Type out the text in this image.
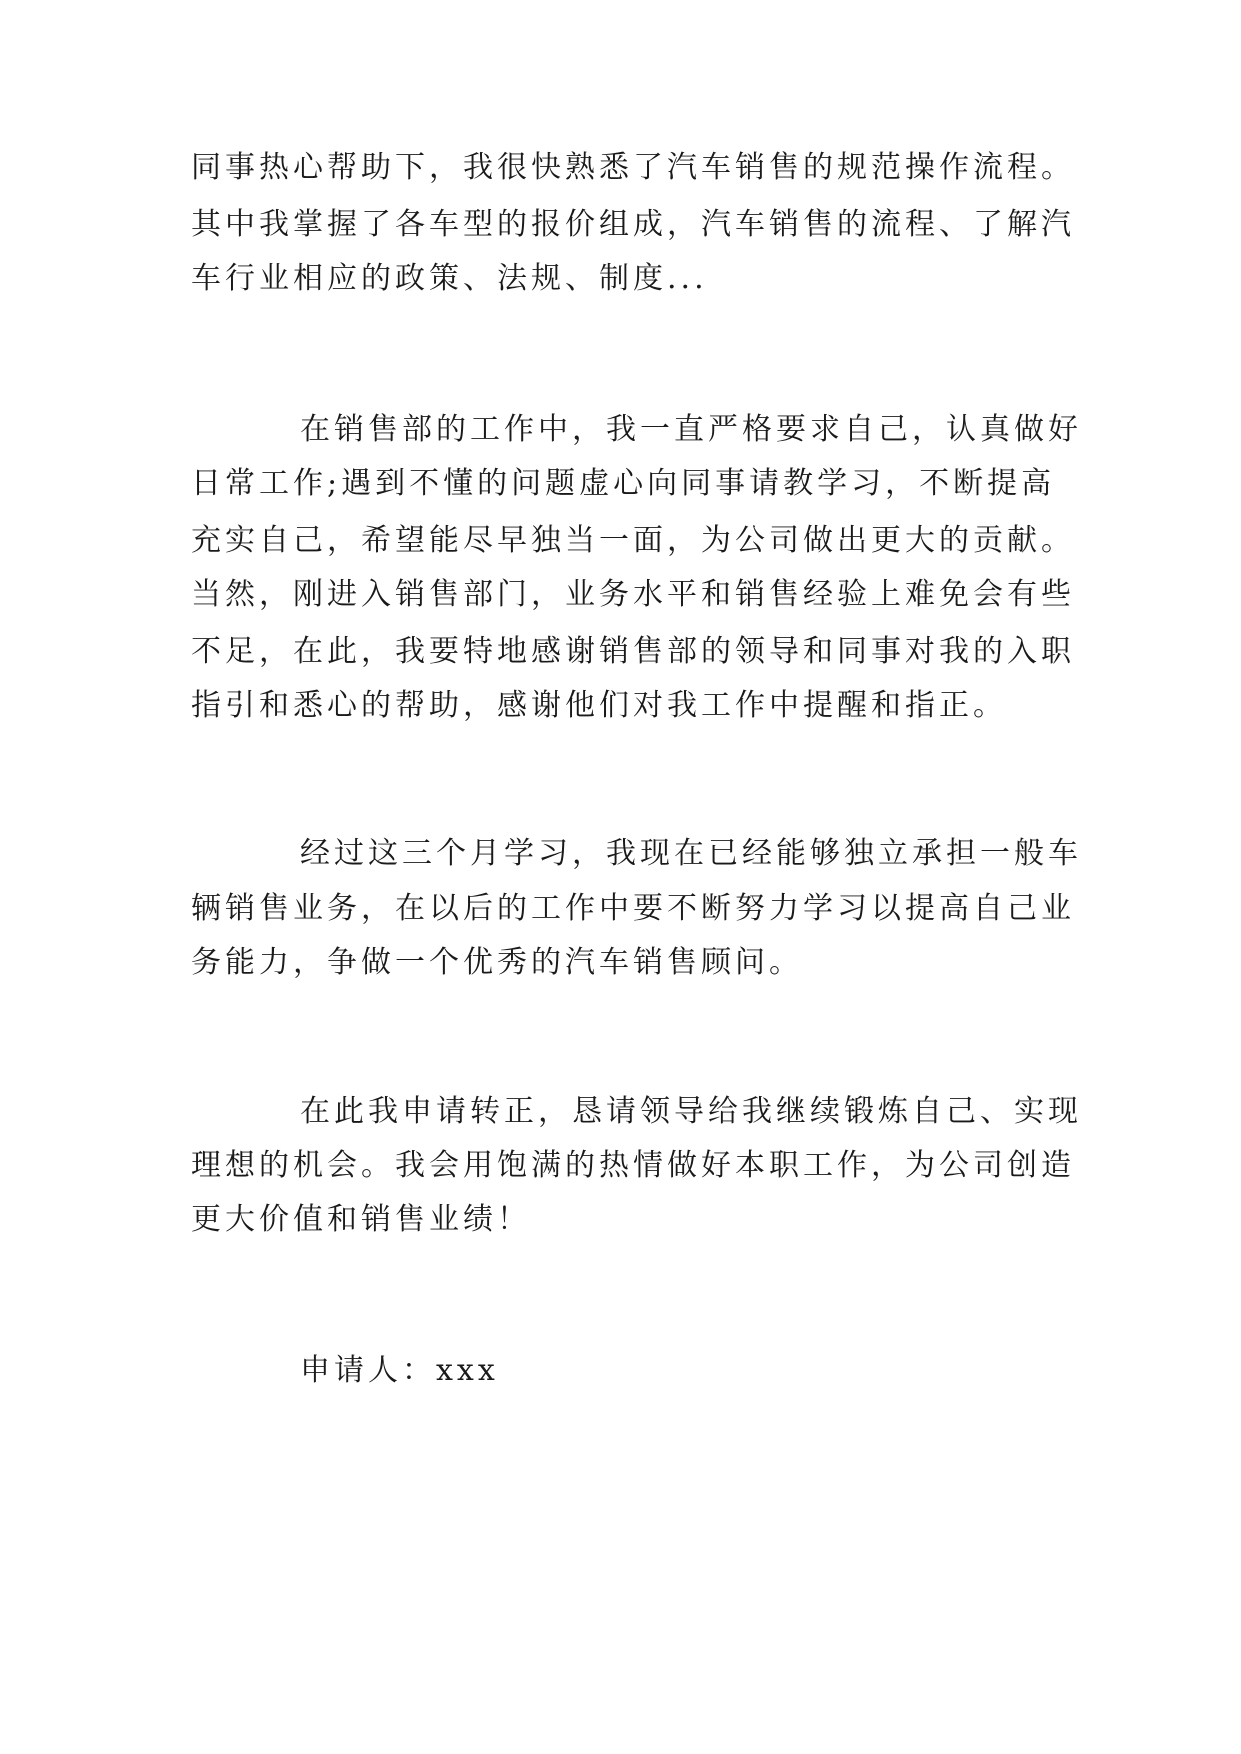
同事热心帮助下，我很快熟悉了汽车销售的规范操作流程。
其中我掌握了各车型的报价组成，汽车销售的流程、了解汽
车行业相应的政策、法规、制度...
在销售部的工作中，我一直严格要求自己，认真做好
日常工作;遇到不懂的问题虚心向同事请教学习，不断提高
充实自己，希望能尽早独当一面，为公司做出更大的贡献。
当然，刚进入销售部门，业务水平和销售经验上难免会有些
不足，在此，我要特地感谢销售部的领导和同事对我的入职
指引和悉心的帮助，感谢他们对我工作中提醒和指正。
经过这三个月学习，我现在已经能够独立承担一般车
辆销售业务，在以后的工作中要不断努力学习以提高自己业
务能力，争做一个优秀的汽车销售顾问。
在此我申请转正，恳请领导给我继续锻炼自己、实现
理想的机会。我会用饱满的热情做好本职工作，为公司创造
更大价值和销售业绩！
申请人：xxx
